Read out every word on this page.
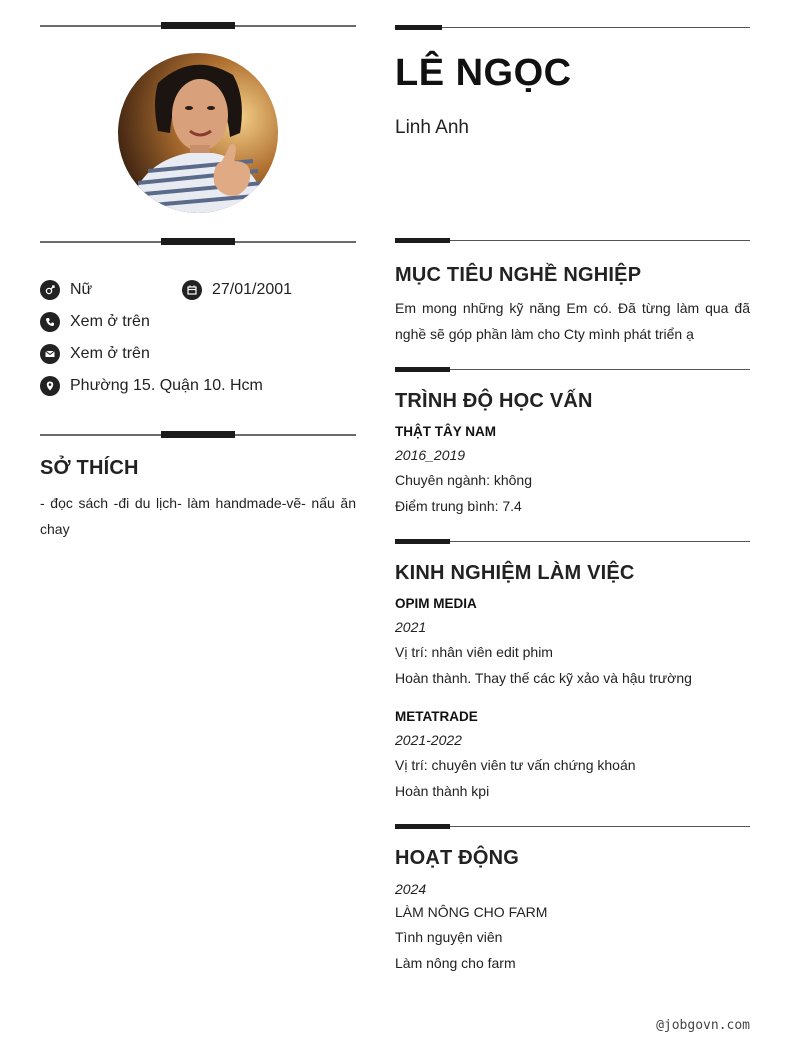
Nữ	27/01/2001
Xem ở trên
Xem ở trên
Phường 15. Quận 10. Hcm
SỞ THÍCH

- đọc sách -đi du lịch- làm handmade-vẽ- nấu ăn chay

LÊ NGỌC

Linh Anh

MỤC TIÊU NGHỀ NGHIỆP

Em mong những kỹ năng Em có. Đã từng làm qua đã nghề sẽ góp phần làm cho Cty mình phát triển ạ

TRÌNH ĐỘ HỌC VẤN

THẬT TÂY NAM

2016_2019

Chuyên ngành: không

Điểm trung bình: 7.4

KINH NGHIỆM LÀM VIỆC

OPIM MEDIA

2021

Vị trí: nhân viên edit phim

Hoàn thành. Thay thế các kỹ xảo và hậu trường

METATRADE

2021-2022

Vị trí: chuyên viên tư vấn chứng khoán

Hoàn thành kpi

HOẠT ĐỘNG

2024

LÀM NÔNG CHO FARM

Tình nguyện viên

Làm nông cho farm

@jobgovn.com
